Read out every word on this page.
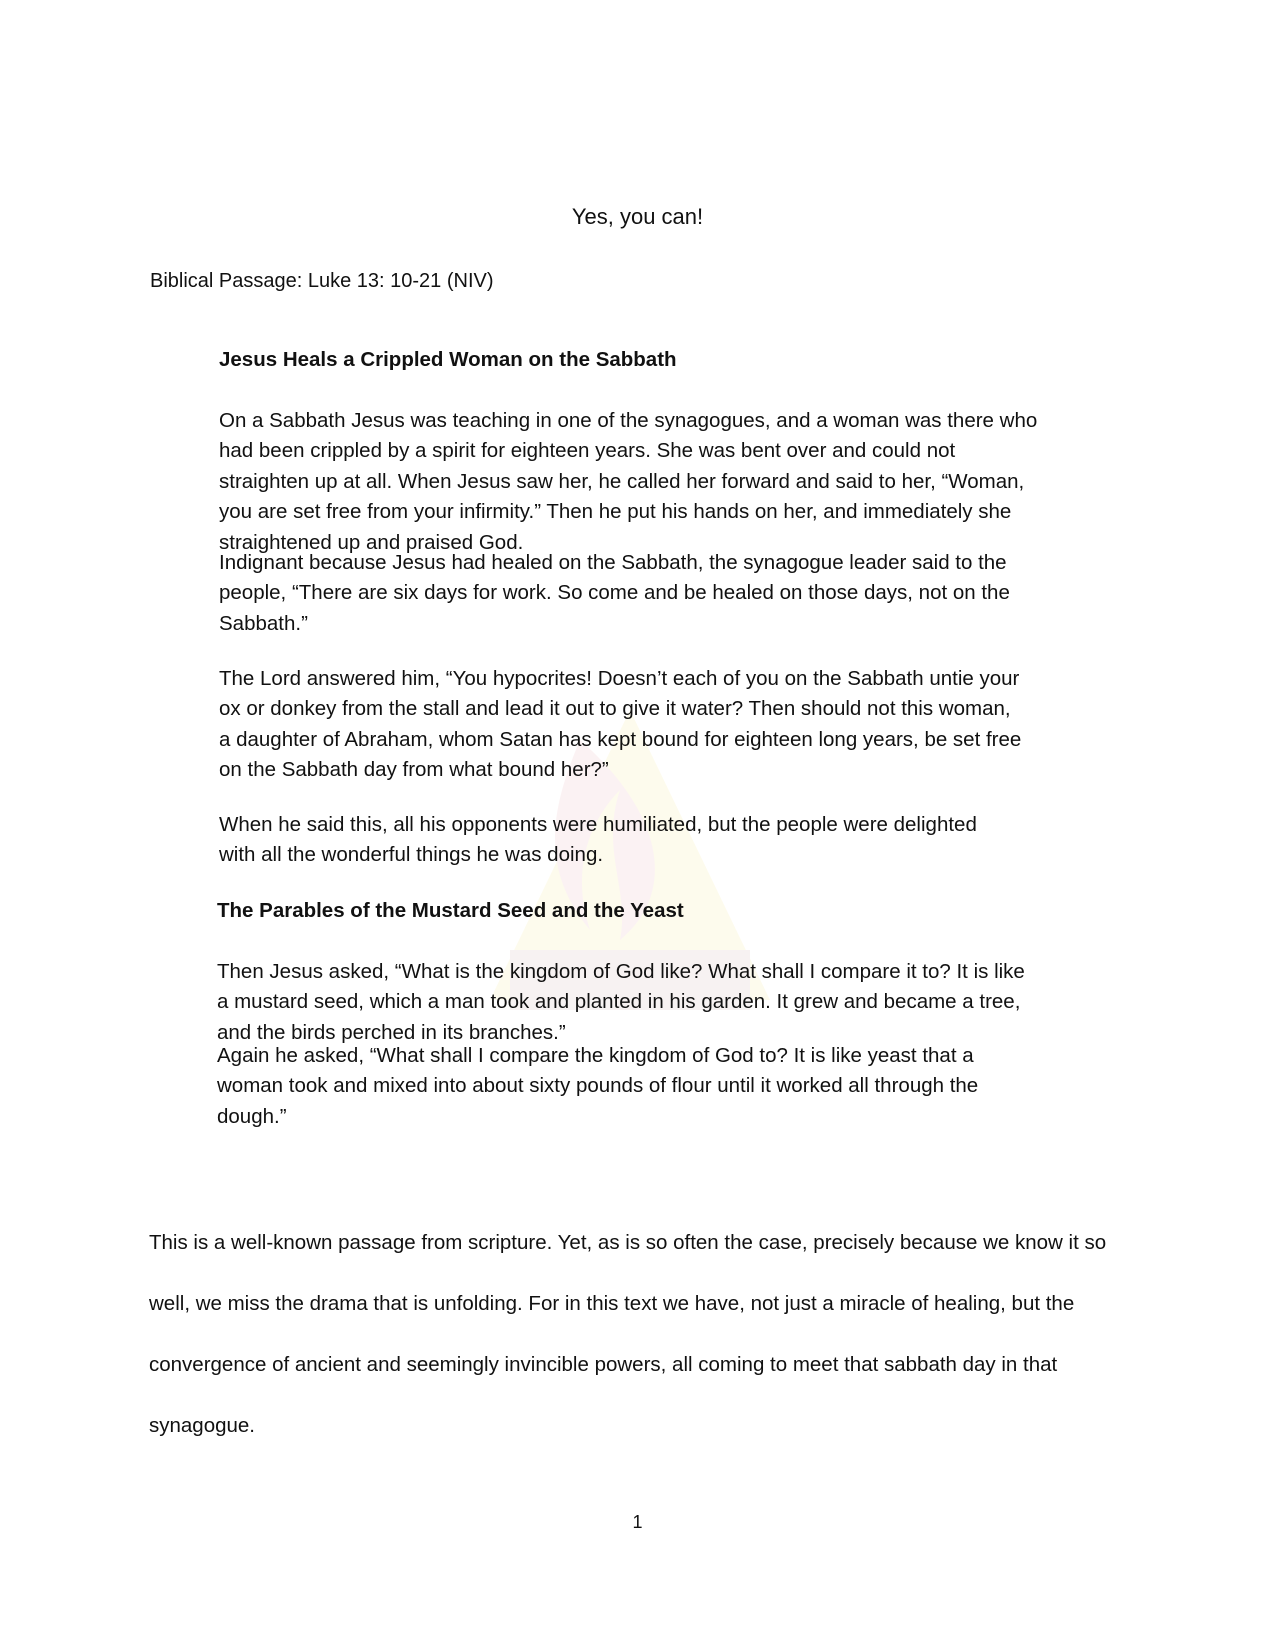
Yes, you can!
Biblical Passage: Luke 13: 10-21 (NIV)

Jesus Heals a Crippled Woman on the Sabbath

On a Sabbath Jesus was teaching in one of the synagogues, and a woman was there who
had been crippled by a spirit for eighteen years. She was bent over and could not
straighten up at all. When Jesus saw her, he called her forward and said to her, “Woman,
you are set free from your infirmity.” Then he put his hands on her, and immediately she
straightened up and praised God.

Indignant because Jesus had healed on the Sabbath, the synagogue leader said to the
people, “There are six days for work. So come and be healed on those days, not on the
Sabbath.”

The Lord answered him, “You hypocrites! Doesn’t each of you on the Sabbath untie your
ox or donkey from the stall and lead it out to give it water? Then should not this woman,
a daughter of Abraham, whom Satan has kept bound for eighteen long years, be set free
on the Sabbath day from what bound her?”

When he said this, all his opponents were humiliated, but the people were delighted
with all the wonderful things he was doing.

The Parables of the Mustard Seed and the Yeast

Then Jesus asked, “What is the kingdom of God like? What shall I compare it to? It is like
a mustard seed, which a man took and planted in his garden. It grew and became a tree,
and the birds perched in its branches.”

Again he asked, “What shall I compare the kingdom of God to? It is like yeast that a
woman took and mixed into about sixty pounds of flour until it worked all through the
dough.”

This is a well-known passage from scripture. Yet, as is so often the case, precisely because we know it so well, we miss the drama that is unfolding. For in this text we have, not just a miracle of healing, but the convergence of ancient and seemingly invincible powers, all coming to meet that sabbath day in that synagogue.

1
